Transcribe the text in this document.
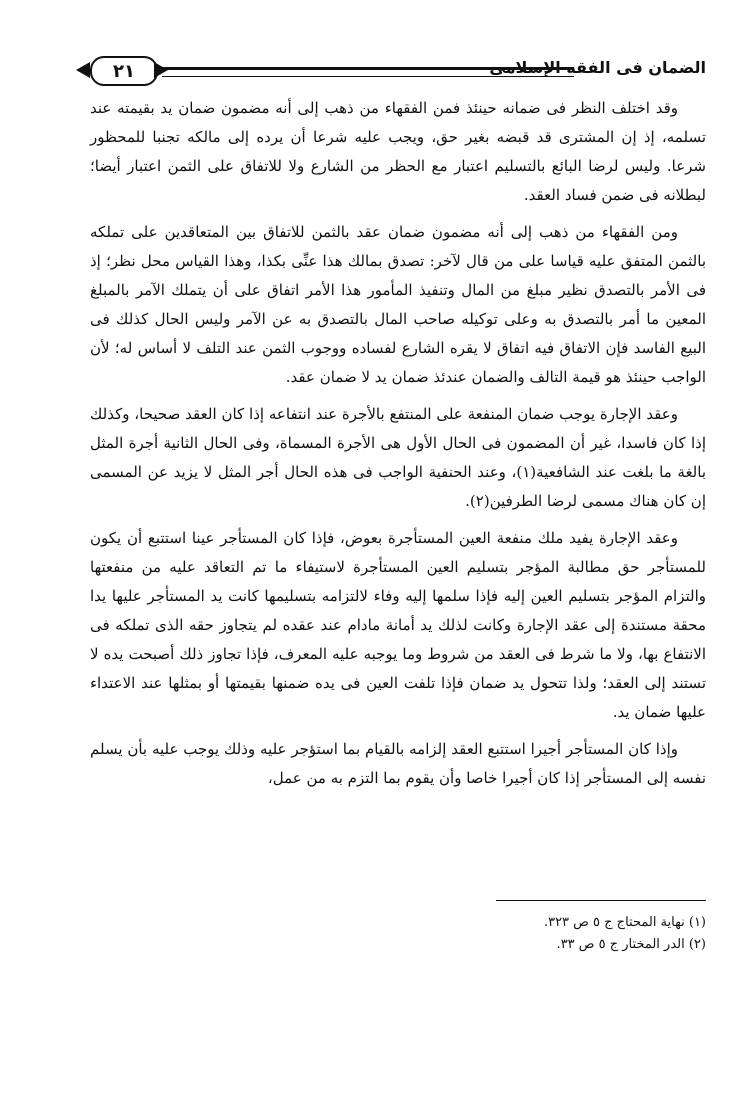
الضمان فى الفقه الإسلامى
٢١

وقد اختلف النظر فى ضمانه حينئذ فمن الفقهاء من ذهب إلى أنه مضمون ضمان يد بقيمته عند تسلمه، إذ إن المشترى قد قبضه بغير حق، ويجب عليه شرعا أن يرده إلى مالكه تجنبا للمحظور شرعا. وليس لرضا البائع بالتسليم اعتبار مع الحظر من الشارع ولا للاتفاق على الثمن اعتبار أيضا؛ لبطلانه فى ضمن فساد العقد.

ومن الفقهاء من ذهب إلى أنه مضمون ضمان عقد بالثمن للاتفاق بين المتعاقدين على تملكه بالثمن المتفق عليه قياسا على من قال لآخر: تصدق بمالك هذا عنِّى بكذا، وهذا القياس محل نظر؛ إذ فى الأمر بالتصدق نظير مبلغ من المال وتنفيذ المأمور هذا الأمر اتفاق على أن يتملك الآمر بالمبلغ المعين ما أمر بالتصدق به وعلى توكيله صاحب المال بالتصدق به عن الآمر وليس الحال كذلك فى البيع الفاسد فإن الاتفاق فيه اتفاق لا يقره الشارع لفساده ووجوب الثمن عند التلف لا أساس له؛ لأن الواجب حينئذ هو قيمة التالف والضمان عندئذ ضمان يد لا ضمان عقد.

وعقد الإجارة يوجب ضمان المنفعة على المنتفع بالأجرة عند انتفاعه إذا كان العقد صحيحا، وكذلك إذا كان فاسدا، غير أن المضمون فى الحال الأول هى الأجرة المسماة، وفى الحال الثانية أجرة المثل بالغة ما بلغت عند الشافعية(١)، وعند الحنفية الواجب فى هذه الحال أجر المثل لا يزيد عن المسمى إن كان هناك مسمى لرضا الطرفين(٢).

وعقد الإجارة يفيد ملك منفعة العين المستأجرة بعوض، فإذا كان المستأجر عينا استتبع أن يكون للمستأجر حق مطالبة المؤجر بتسليم العين المستأجرة لاستيفاء ما تم التعاقد عليه من منفعتها والتزام المؤجر بتسليم العين إليه فإذا سلمها إليه وفاء لالتزامه بتسليمها كانت يد المستأجر عليها يدا محقة مستندة إلى عقد الإجارة وكانت لذلك يد أمانة مادام عند عقده لم يتجاوز حقه الذى تملكه فى الانتفاع بها، ولا ما شرط فى العقد من شروط وما يوجبه عليه المعرف، فإذا تجاوز ذلك أصبحت يده لا تستند إلى العقد؛ ولذا تتحول يد ضمان فإذا تلفت العين فى يده ضمنها بقيمتها أو بمثلها عند الاعتداء عليها ضمان يد.

وإذا كان المستأجر أجيرا استتبع العقد إلزامه بالقيام بما استؤجر عليه وذلك يوجب عليه بأن يسلم نفسه إلى المستأجر إذا كان أجيرا خاصا وأن يقوم بما التزم به من عمل،

(١) نهاية المحتاج ج ٥ ص ٣٢٣.

(٢) الدر المختار ج ٥ ص ٣٣.
